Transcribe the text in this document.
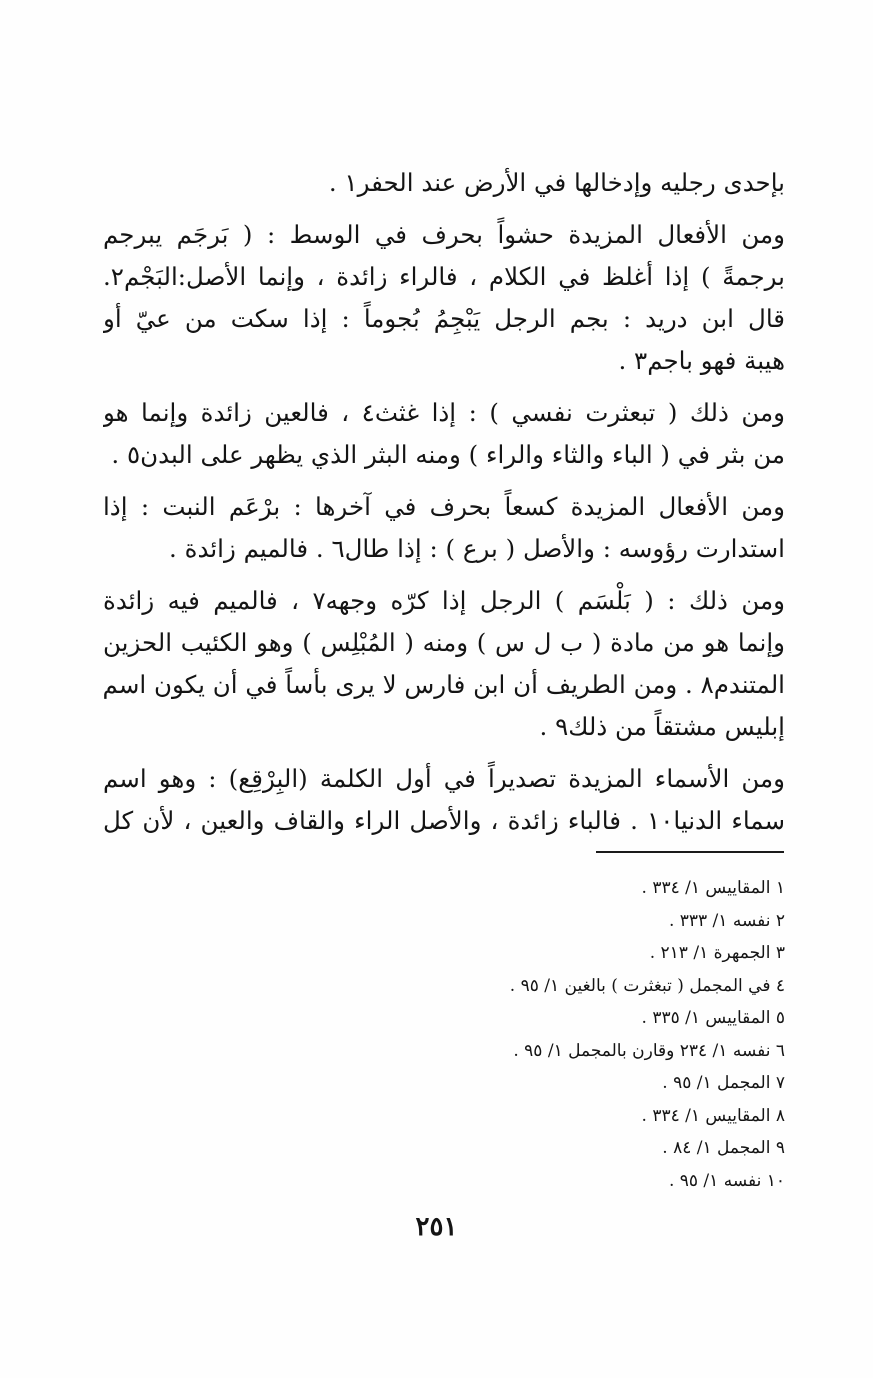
بإحدى رجليه وإدخالها في الأرض عند الحفر١ .
ومن الأفعال المزيدة حشواً بحرف في الوسط : ( بَرجَم يبرجم
برجمةً ) إذا أغلظ في الكلام ، فالراء زائدة ، وإنما الأصل:البَجْم٢.
قال ابن دريد : بجم الرجل يَبْجِمُ بُجوماً : إذا سكت من عيّ أو
هيبة فهو باجم٣ .
ومن ذلك ( تبعثرت نفسي ) : إذا غثث٤ ، فالعين زائدة وإنما هو
من بثر في ( الباء والثاء والراء ) ومنه البثر الذي يظهر على البدن٥ .
ومن الأفعال المزيدة كسعاً بحرف في آخرها : برْعَم النبت : إذا
استدارت رؤوسه : والأصل ( برع ) : إذا طال٦ . فالميم زائدة .
ومن ذلك : ( بَلْسَم ) الرجل إذا كرّه وجهه٧ ، فالميم فيه زائدة
وإنما هو من مادة ( ب ل س ) ومنه ( المُبْلِس ) وهو الكئيب الحزين
المتندم٨ . ومن الطريف أن ابن فارس لا يرى بأساً في أن يكون اسم
إبليس مشتقاً من ذلك٩ .
ومن الأسماء المزيدة تصديراً في أول الكلمة (البِرْقِع) : وهو اسم
سماء الدنيا١٠ . فالباء زائدة ، والأصل الراء والقاف والعين ، لأن كل
١ المقاييس ١/ ٣٣٤ .
٢ نفسه ١/ ٣٣٣ .
٣ الجمهرة ١/ ٢١٣ .
٤ في المجمل ( تبغثرت ) بالغين ١/ ٩٥ .
٥ المقاييس ١/ ٣٣٥ .
٦ نفسه ١/ ٢٣٤ وقارن بالمجمل ١/ ٩٥ .
٧ المجمل ١/ ٩٥ .
٨ المقاييس ١/ ٣٣٤ .
٩ المجمل ١/ ٨٤ .
١٠ نفسه ١/ ٩٥ .
٢٥١
